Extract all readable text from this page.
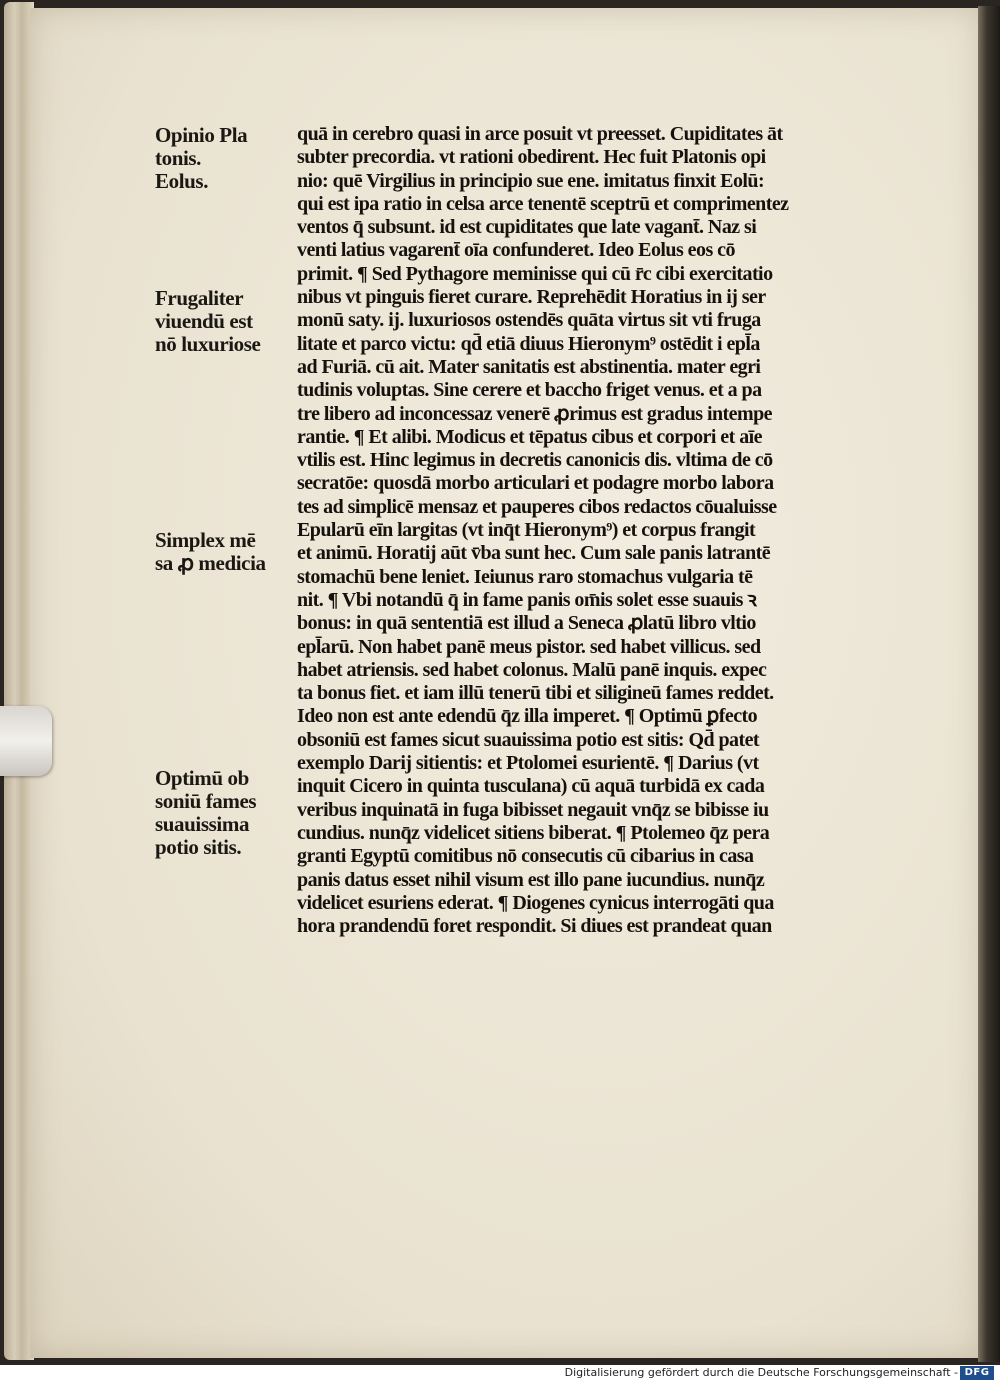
Opinio Pla
tonis.
Eolus.
Frugaliter
viuendū est
nō luxuriose
Simplex mē
sa ꝓ medicia
Optimū ob
soniū fames
suauissima
potio sitis.
quā in cerebro quasi in arce posuit vt preesset. Cupiditates āt
subter precordia. vt rationi obedirent. Hec fuit Platonis opi
nio: quē Virgilius in principio sue ene. imitatus finxit Eolū:
qui est ipa ratio in celsa arce tenentē sceptrū et comprimentez
ventos q̄ subsunt. id est cupiditates que late vagant̄. Naz si
venti latius vagarent̄ oīa confunderet. Ideo Eolus eos cō
primit. ¶ Sed Pythagore meminisse qui cū r̄c cibi exercitatio
nibus vt pinguis fieret curare. Reprehēdit Horatius in ij ser
monū saty. ij. luxuriosos ostendēs quāta virtus sit vti fruga
litate et parco victu: qd̄ etiā diuus Hieronym⁹ ostēdit i epl̄a
ad Furiā. cū ait. Mater sanitatis est abstinentia. mater egri
tudinis voluptas. Sine cerere et baccho friget venus. et a pa
tre libero ad inconcessaz venerē ꝓrimus est gradus intempe
rantie. ¶ Et alibi. Modicus et tēpatus cibus et corpori et aīe
vtilis est. Hinc legimus in decretis canonicis dis. vltima de cō
secratōe: quosdā morbo articulari et podagre morbo labora
tes ad simplicē mensaz et pauperes cibos redactos cōualuisse
Epularū eīn largitas (vt inq̄t Hieronym⁹) et corpus frangit
et animū. Horatij aūt v̄ba sunt hec. Cum sale panis latrantē
stomachū bene leniet. Ieiunus raro stomachus vulgaria tē
nit. ¶ Vbi notandū q̄ in fame panis om̄is solet esse suauis ꝛ
bonus: in quā sententiā est illud a Seneca ꝓlatū libro vltio
epl̄arū. Non habet panē meus pistor. sed habet villicus. sed
habet atriensis. sed habet colonus. Malū panē inquis. expec
ta bonus fiet. et iam illū tenerū tibi et siligineū fames reddet.
Ideo non est ante edendū q̄z illa imperet. ¶ Optimū ꝑfecto
obsoniū est fames sicut suauissima potio est sitis: Qd̄ patet
exemplo Darij sitientis: et Ptolomei esurientē. ¶ Darius (vt
inquit Cicero in quinta tusculana) cū aquā turbidā ex cada
veribus inquinatā in fuga bibisset negauit vnq̄z se bibisse iu
cundius. nunq̄z videlicet sitiens biberat. ¶ Ptolemeo q̄z pera
granti Egyptū comitibus nō consecutis cū cibarius in casa
panis datus esset nihil visum est illo pane iucundius. nunq̄z
videlicet esuriens ederat. ¶ Diogenes cynicus interrogāti qua
hora prandendū foret respondit. Si diues est prandeat quan
Digitalisierung gefördert durch die Deutsche Forschungsgemeinschaft - DFG
